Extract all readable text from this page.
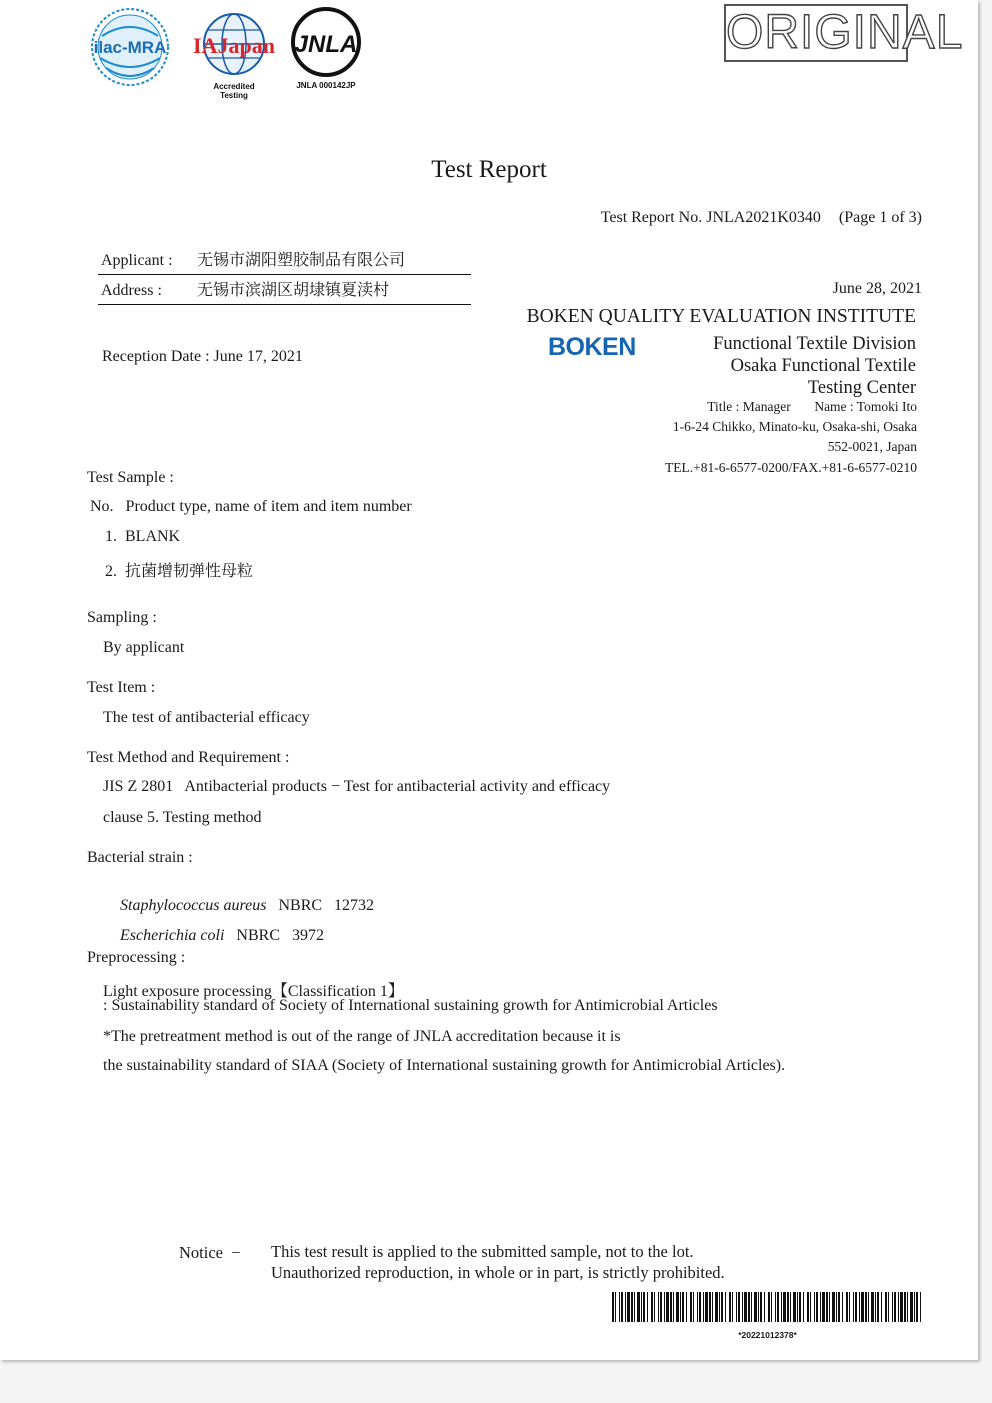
ilac-MRA IAJapan
Accredited
Testing
JNLA
JNLA 000142JP
ORIGINAL
Test Report
Test Report No. JNLA2021K0340 (Page 1 of 3)
Applicant : 无锡市湖阳塑胶制品有限公司
Address : 无锡市滨湖区胡埭镇夏渎村
Reception Date : June 17, 2021
June 28, 2021
BOKEN QUALITY EVALUATION INSTITUTE
BOKEN	Functional Textile Division
Osaka Functional Textile
Testing Center
Title : Manager       Name : Tomoki Ito
1-6-24 Chikko, Minato-ku, Osaka-shi, Osaka
552-0021, Japan
TEL.+81-6-6577-0200/FAX.+81-6-6577-0210
Test Sample :
No.   Product type, name of item and item number
1.  BLANK
2.  抗菌增韧弹性母粒
Sampling :
By applicant
Test Item :
The test of antibacterial efficacy
Test Method and Requirement :
JIS Z 2801   Antibacterial products − Test for antibacterial activity and efficacy
clause 5. Testing method
Bacterial strain :

Staphylococcus aureus NBRC   12732

Escherichia coli NBRC   3972

Preprocessing :
Light exposure processing【Classification 1】
: Sustainability standard of Society of International sustaining growth for Antimicrobial Articles
*The pretreatment method is out of the range of JNLA accreditation because it is
the sustainability standard of SIAA (Society of International sustaining growth for Antimicrobial Articles).
Notice  − This test result is applied to the submitted sample, not to the lot.
Unauthorized reproduction, in whole or in part, is strictly prohibited.
*20221012378*
